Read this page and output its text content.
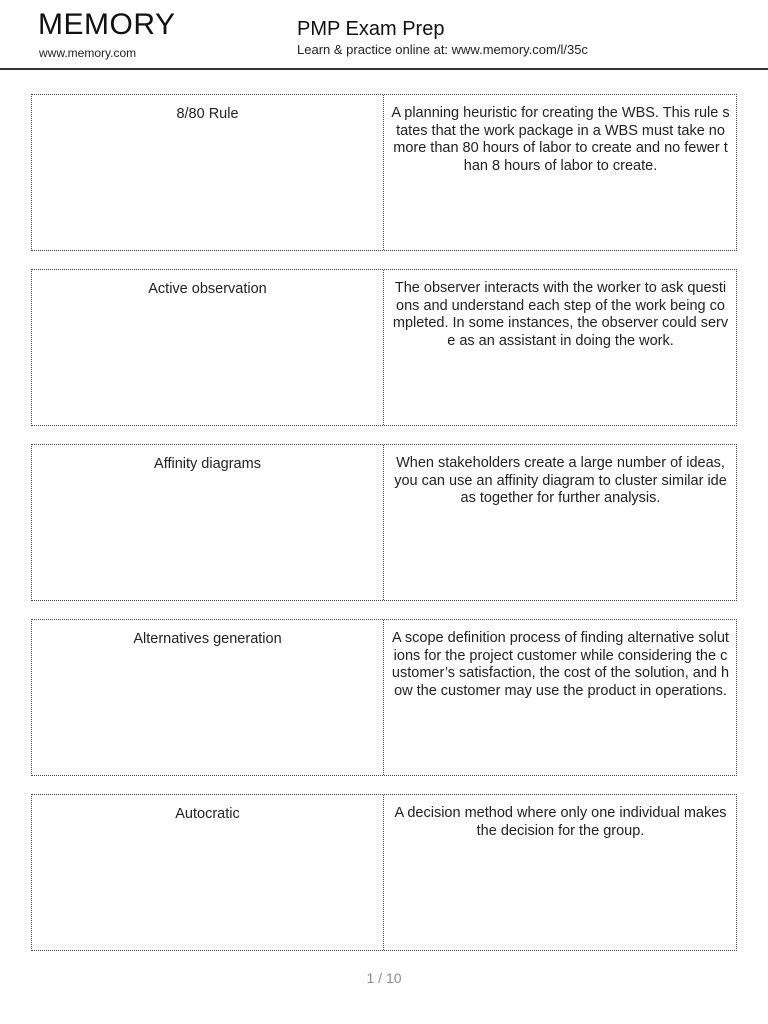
MEMORY
www.memory.com
PMP Exam Prep
Learn & practice online at: www.memory.com/l/35c
8/80 Rule	A planning heuristic for creating the WBS. This rule states that the work package in a WBS must take no more than 80 hours of labor to create and no fewer than 8 hours of labor to create.
Active observation	The observer interacts with the worker to ask questions and understand each step of the work being completed. In some instances, the observer could serve as an assistant in doing the work.
Affinity diagrams	When stakeholders create a large number of ideas, you can use an affinity diagram to cluster similar ideas together for further analysis.
Alternatives generation	A scope definition process of finding alternative solutions for the project customer while considering the customer’s satisfaction, the cost of the solution, and how the customer may use the product in operations.
Autocratic	A decision method where only one individual makes the decision for the group.
1 / 10
